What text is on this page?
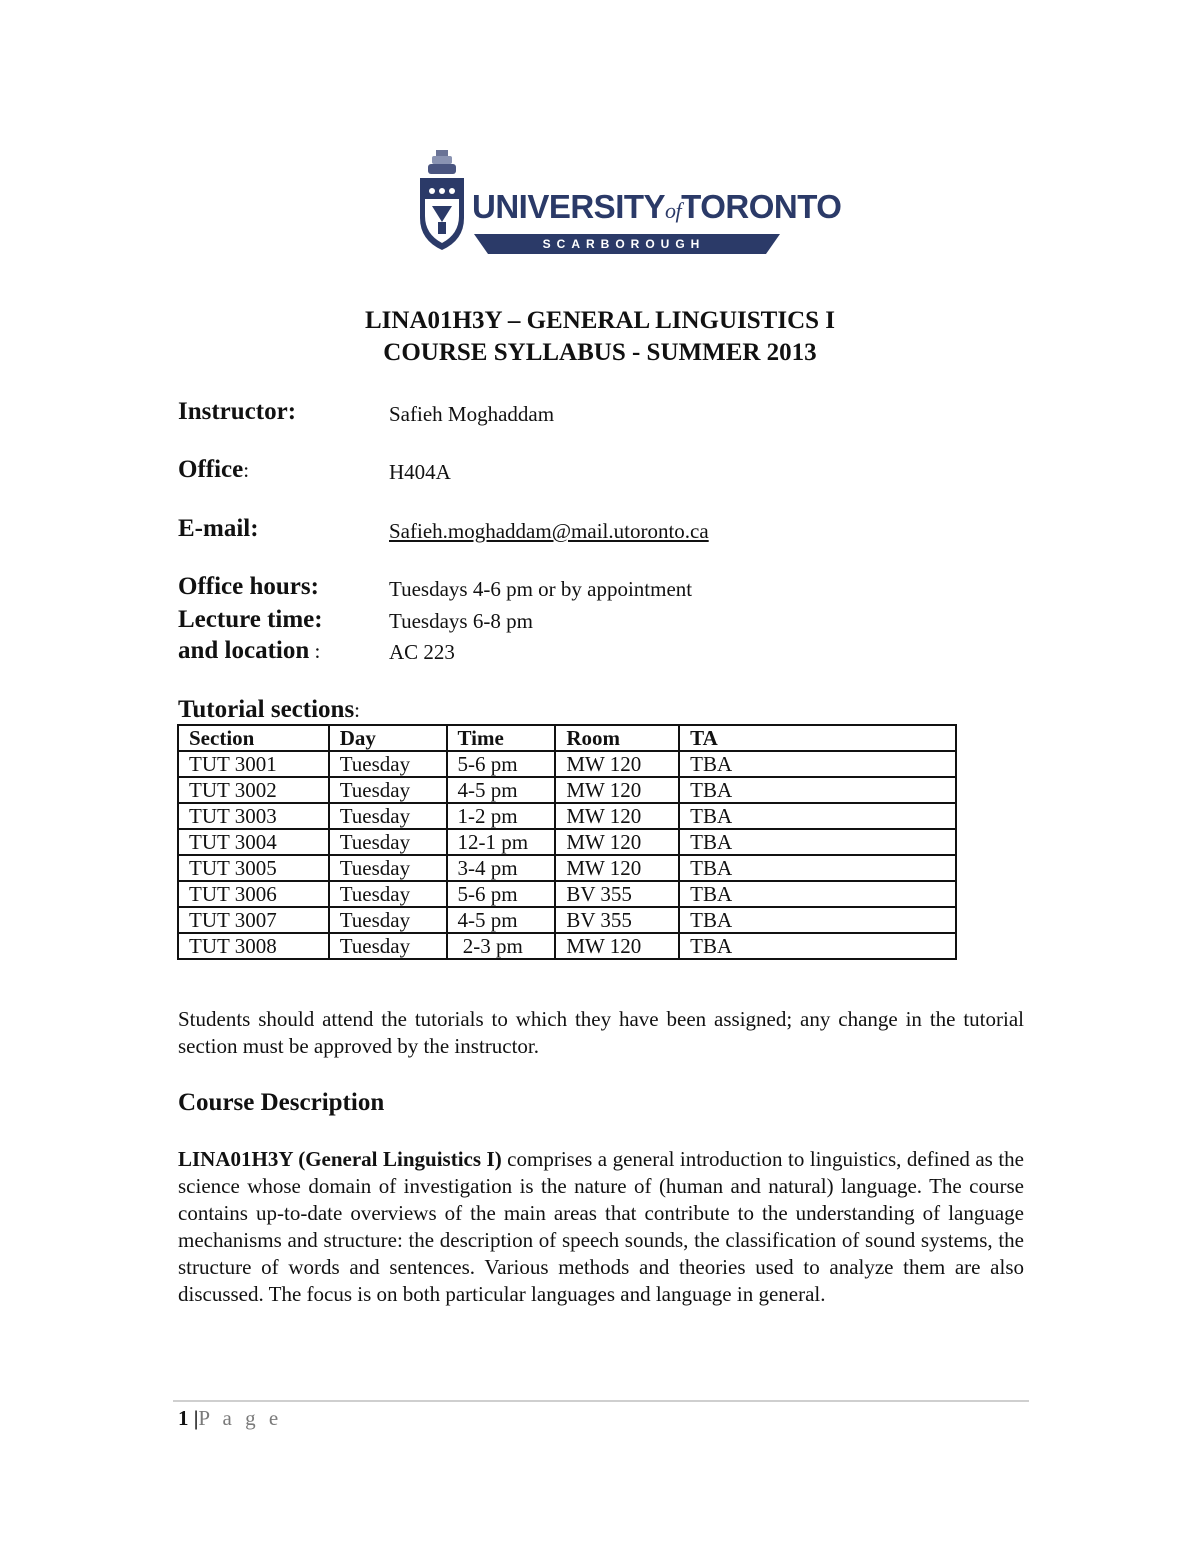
UNIVERSITYofTORONTO
SCARBOROUGH
LINA01H3Y – GENERAL LINGUISTICS I
COURSE SYLLABUS - SUMMER 2013
Instructor:	Safieh Moghaddam
Office:	H404A
E-mail:	Safieh.moghaddam@mail.utoronto.ca
Office hours:	Tuesdays 4-6 pm or by appointment
Lecture time:	Tuesdays 6-8 pm
and location :	AC 223
Tutorial sections:
Section	Day	Time	Room	TA
TUT 3001	Tuesday	5-6 pm	MW 120	TBA
TUT 3002	Tuesday	4-5 pm	MW 120	TBA
TUT 3003	Tuesday	1-2 pm	MW 120	TBA
TUT 3004	Tuesday	12-1 pm	MW 120	TBA
TUT 3005	Tuesday	3-4 pm	MW 120	TBA
TUT 3006	Tuesday	5-6 pm	BV 355	TBA
TUT 3007	Tuesday	4-5 pm	BV 355	TBA
TUT 3008	Tuesday	2-3 pm	MW 120	TBA
Students should attend the tutorials to which they have been assigned; any change in the tutorial section must be approved by the instructor.
Course Description
LINA01H3Y (General Linguistics I) comprises a general introduction to linguistics, defined as the science whose domain of investigation is the nature of (human and natural) language. The course contains up-to-date overviews of the main areas that contribute to the understanding of language mechanisms and structure: the description of speech sounds, the classification of sound systems, the structure of words and sentences. Various methods and theories used to analyze them are also discussed. The focus is on both particular languages and language in general.
1 |P a g e
